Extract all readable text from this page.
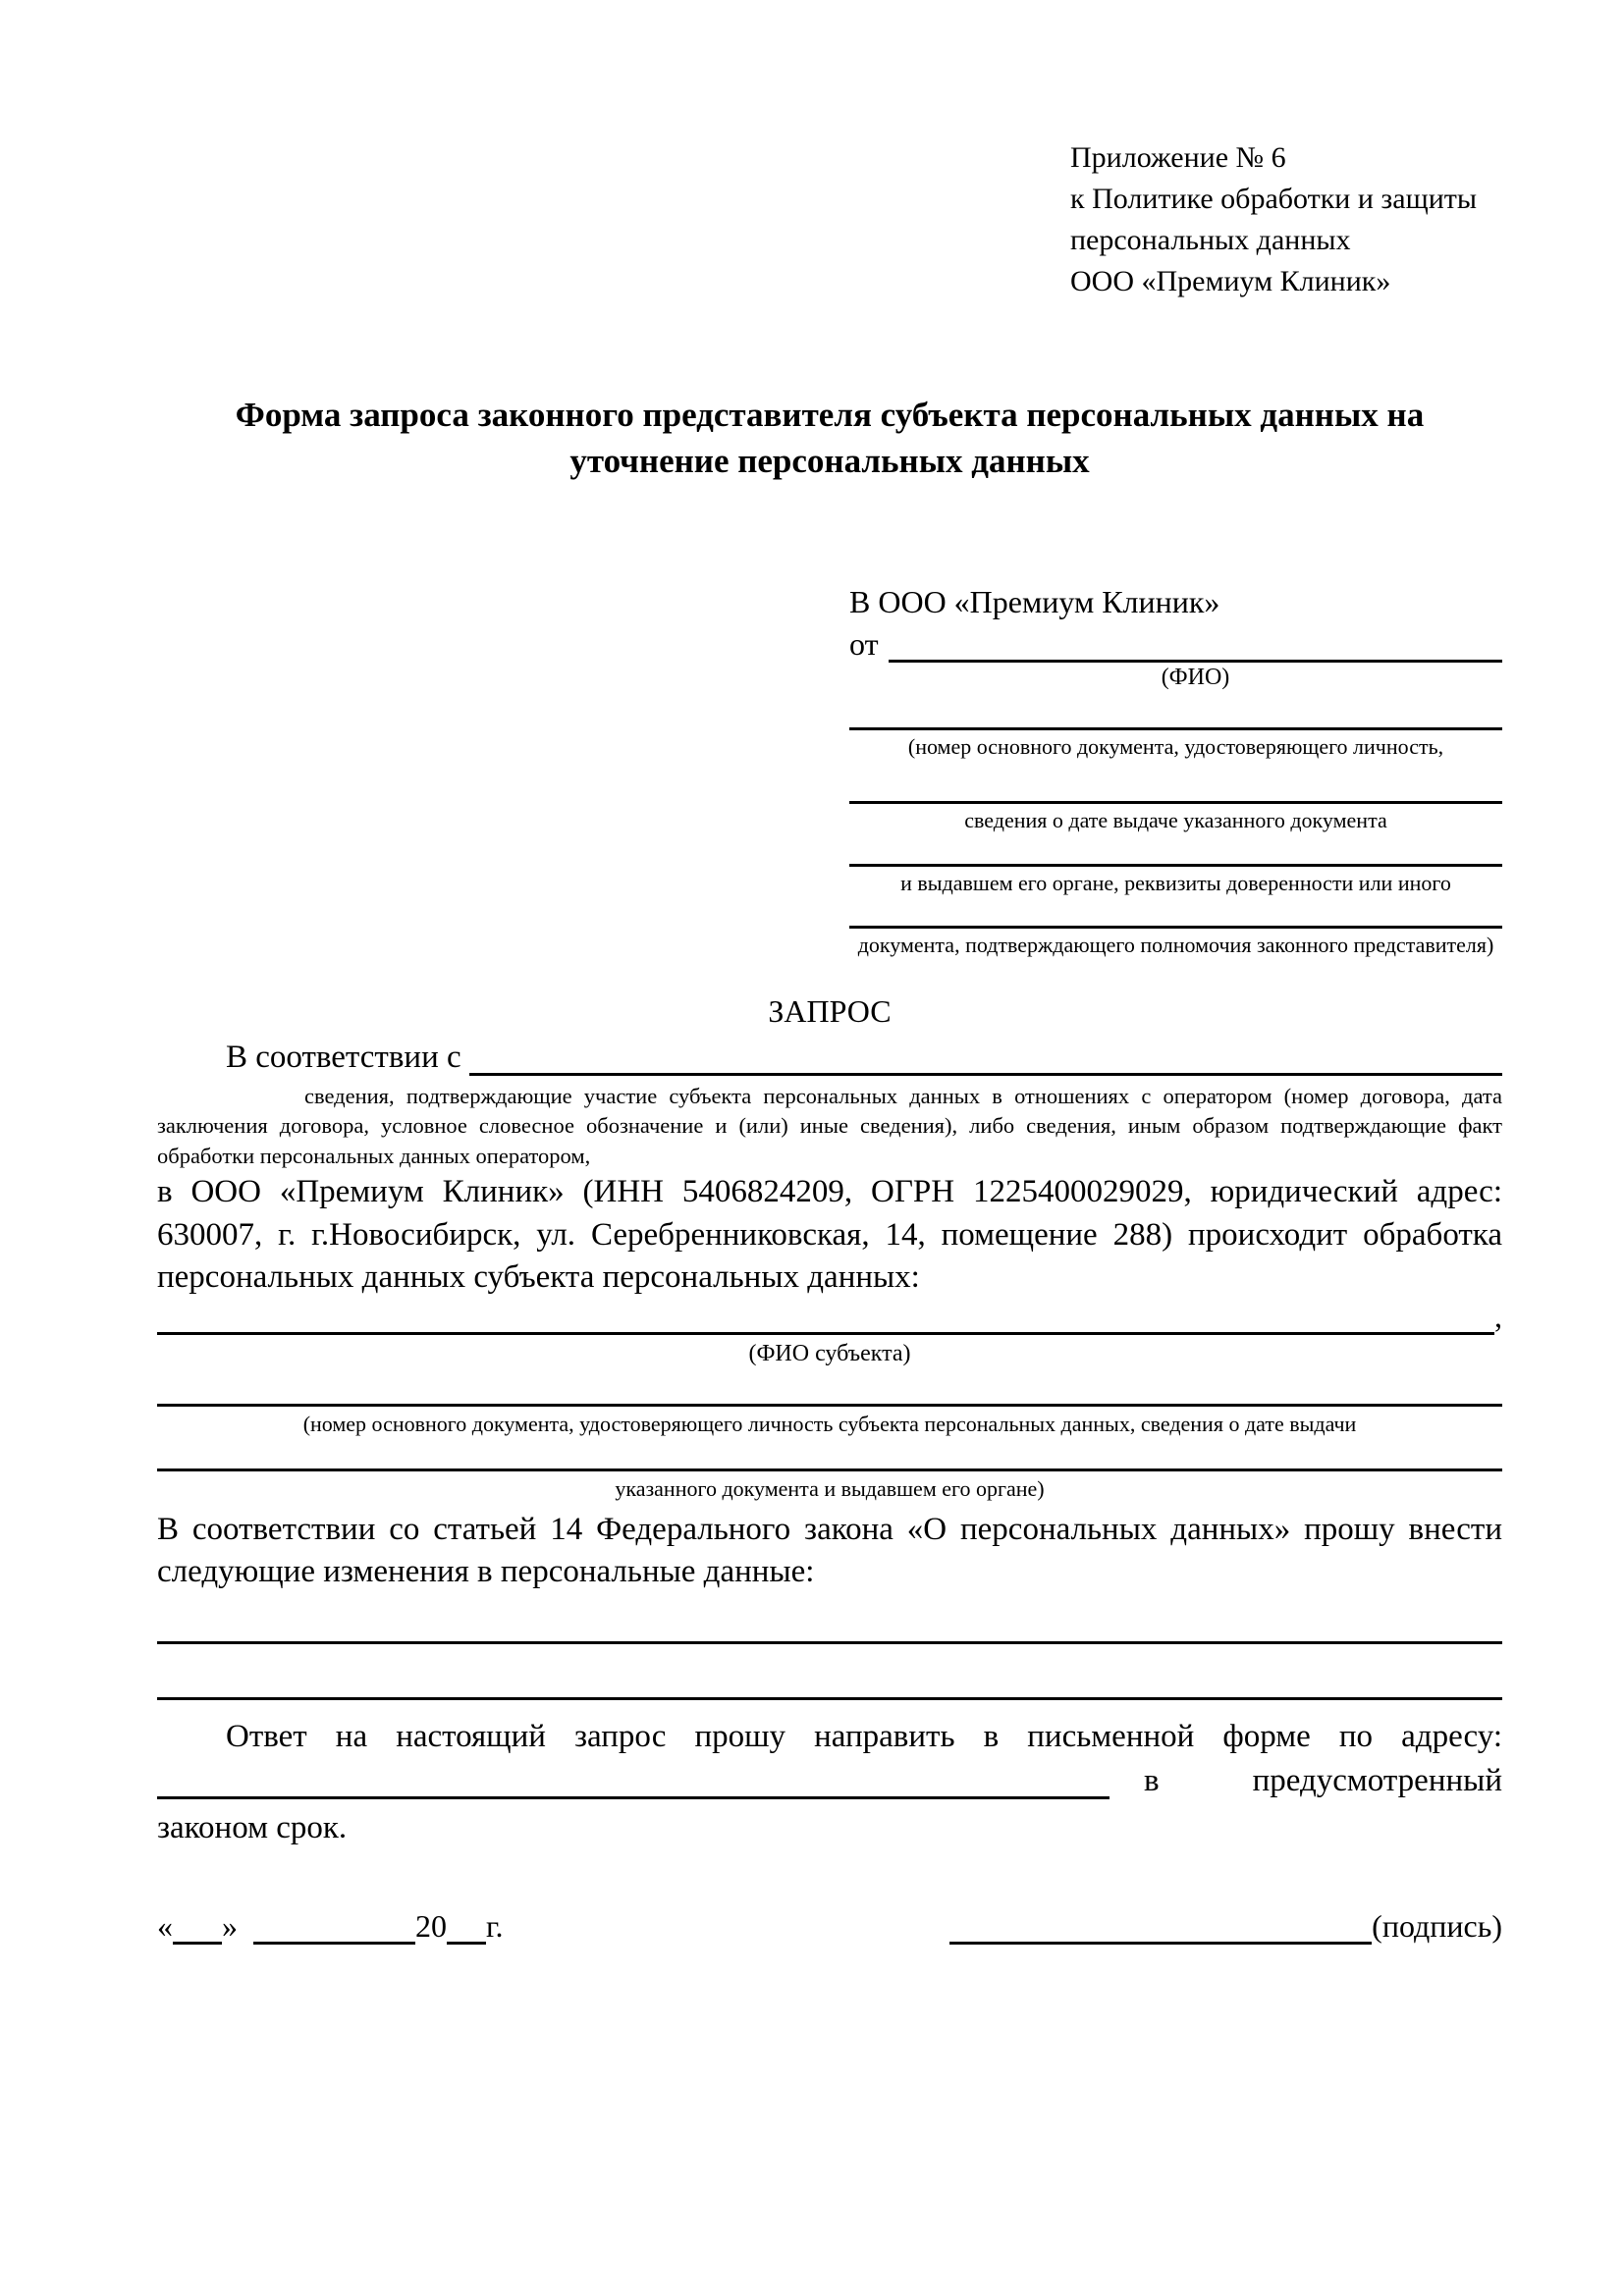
Приложение № 6
к Политике обработки и защиты
персональных данных
ООО «Премиум Клиник»
Форма запроса законного представителя субъекта персональных данных на уточнение персональных данных
В ООО «Премиум Клиник»
от
(ФИО)
(номер основного документа, удостоверяющего личность,
сведения о дате выдаче указанного документа
и выдавшем его органе, реквизиты доверенности или иного
документа, подтверждающего полномочия законного представителя)
ЗАПРОС
В соответствии с
сведения, подтверждающие участие субъекта персональных данных в отношениях с оператором (номер договора, дата заключения договора, условное словесное обозначение и (или) иные сведения), либо сведения, иным образом подтверждающие факт обработки персональных данных оператором,
в ООО «Премиум Клиник» (ИНН 5406824209, ОГРН 1225400029029, юридический адрес: 630007, г. г.Новосибирск, ул. Серебренниковская, 14, помещение 288) происходит обработка персональных данных субъекта персональных данных:
,
(ФИО субъекта)
(номер основного документа, удостоверяющего личность субъекта персональных данных, сведения о дате выдачи
указанного документа и выдавшем его органе)
В соответствии со статьей 14 Федерального закона «О персональных данных» прошу внести следующие изменения в персональные данные:
Ответ на настоящий запрос прошу направить в письменной форме по адресу:
в	предусмотренный
законом срок.
« »	20 г.	(подпись)
